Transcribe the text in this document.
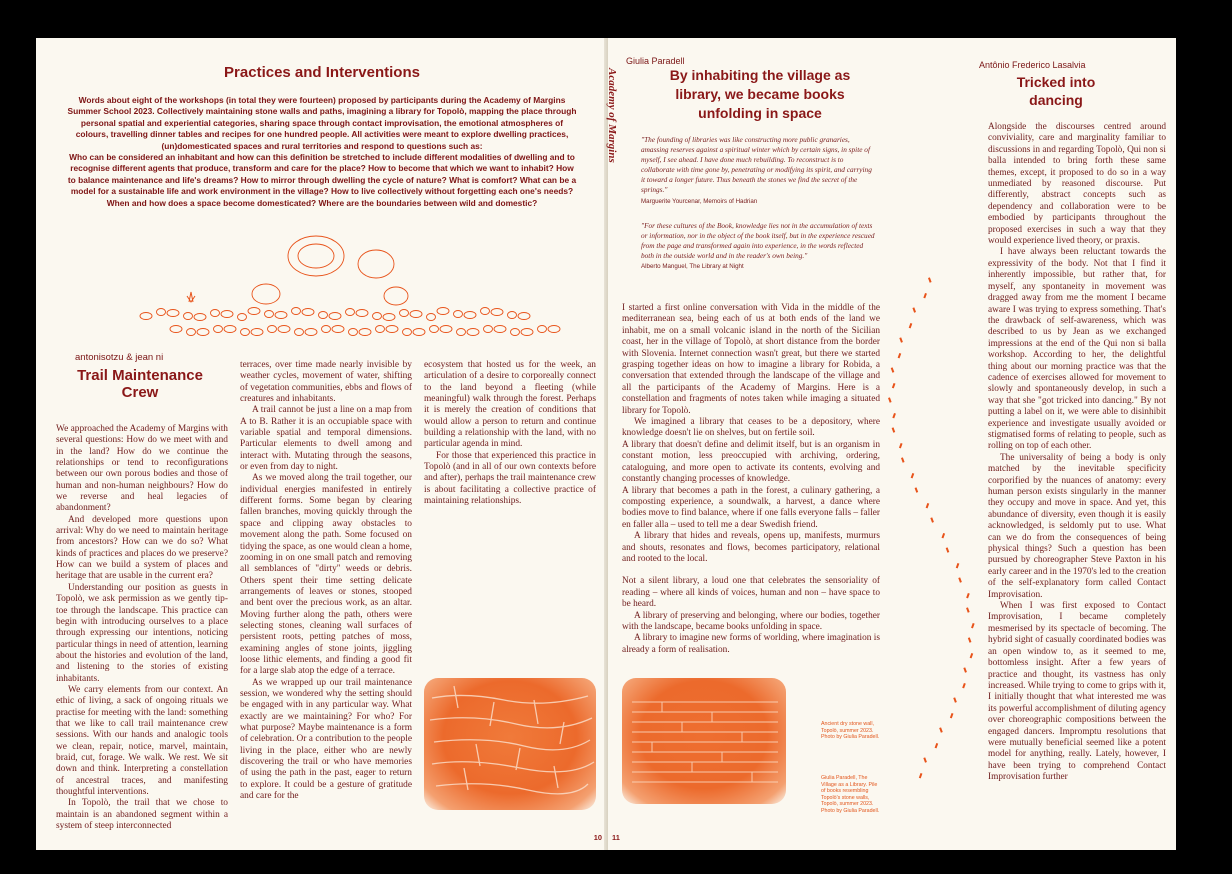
Practices and Interventions

Words about eight of the workshops (in total they were fourteen) proposed by participants during the Academy of Margins Summer School 2023. Collectively maintaining stone walls and paths, imagining a library for Topolò, mapping the place through personal spatial and experiential categories, sharing space through contact improvisation, the emotional atmospheres of colours, travelling dinner tables and recipes for one hundred people. All activities were meant to explore dwelling practices, (un)domesticated spaces and rural territories and respond to questions such as:

Who can be considered an inhabitant and how can this definition be stretched to include different modalities of dwelling and to recognise different agents that produce, transform and care for the place? How to become that which we want to inhabit? How to balance maintenance and life's dreams? How to mirror through dwelling the cycle of nature? What is comfort? What can be a model for a sustainable life and work environment in the village? How to live collectively without forgetting each one's needs? When and how does a space become domesticated? Where are the boundaries between wild and domestic?

antonisotzu & jean ni
Trail Maintenance Crew

We approached the Academy of Margins with several questions: How do we meet with and in the land? How do we continue the relationships or tend to reconfigurations between our own porous bodies and those of human and non-human neighbours? How do we reverse and heal legacies of abandonment?

And developed more questions upon arrival: Why do we need to maintain heritage from ancestors? How can we do so? What kinds of practices and places do we preserve? How can we build a system of places and heritage that are usable in the current era?

Understanding our position as guests in Topolò, we ask permission as we gently tip-toe through the landscape. This practice can begin with introducing ourselves to a place through expressing our intentions, noticing particular things in need of attention, learning about the histories and evolution of the land, and listening to the stories of existing inhabitants.

We carry elements from our context. An ethic of living, a sack of ongoing rituals we practise for meeting with the land: something that we like to call trail maintenance crew sessions. With our hands and analogic tools we clean, repair, notice, marvel, maintain, braid, cut, forage. We walk. We rest. We sit down and think. Interpreting a constellation of ancestral traces, and manifesting thoughtful interventions.

In Topolò, the trail that we chose to maintain is an abandoned segment within a system of steep interconnected

terraces, over time made nearly invisible by weather cycles, movement of water, shifting of vegetation communities, ebbs and flows of creatures and inhabitants.

A trail cannot be just a line on a map from A to B. Rather it is an occupiable space with variable spatial and temporal dimensions. Particular elements to dwell among and interact with. Mutating through the seasons, or even from day to night.

As we moved along the trail together, our individual energies manifested in entirely different forms. Some began by clearing fallen branches, moving quickly through the space and clipping away obstacles to movement along the path. Some focused on tidying the space, as one would clean a home, zooming in on one small patch and removing all semblances of "dirty" weeds or debris. Others spent their time setting delicate arrangements of leaves or stones, stooped and bent over the precious work, as an altar. Moving further along the path, others were selecting stones, cleaning wall surfaces of persistent roots, petting patches of moss, examining angles of stone joints, jiggling loose lithic elements, and finding a good fit for a large slab atop the edge of a terrace.

As we wrapped up our trail maintenance session, we wondered why the setting should be engaged with in any particular way. What exactly are we maintaining? For who? For what purpose? Maybe maintenance is a form of celebration. Or a contribution to the people living in the place, either who are newly discovering the trail or who have memories of using the path in the past, eager to return to explore. It could be a gesture of gratitude and care for the

ecosystem that hosted us for the week, an articulation of a desire to corporeally connect to the land beyond a fleeting (while meaningful) walk through the forest. Perhaps it is merely the creation of conditions that would allow a person to return and continue building a relationship with the land, with no particular agenda in mind.

For those that experienced this practice in Topolò (and in all of our own contexts before and after), perhaps the trail maintenance crew is about facilitating a collective practice of maintaining relationships.

10
Academy of Margins
Giulia Paradell
By inhabiting the village as library, we became books unfolding in space
"The founding of libraries was like constructing more public granaries, amassing reserves against a spiritual winter which by certain signs, in spite of myself, I see ahead. I have done much rebuilding. To reconstruct is to collaborate with time gone by, penetrating or modifying its spirit, and carrying it toward a longer future. Thus beneath the stones we find the secret of the springs."
Marguerite Yourcenar, Memoirs of Hadrian
"For these cultures of the Book, knowledge lies not in the accumulation of texts or information, nor in the object of the book itself, but in the experience rescued from the page and transformed again into experience, in the words reflected both in the outside world and in the reader's own being."
Alberto Manguel, The Library at Night

I started a first online conversation with Vida in the middle of the mediterranean sea, being each of us at both ends of the land we inhabit, me on a small volcanic island in the north of the Sicilian coast, her in the village of Topolò, at short distance from the border with Slovenia. Internet connection wasn't great, but there we started grasping together ideas on how to imagine a library for Robida, a conversation that extended through the landscape of the village and all the participants of the Academy of Margins. Here is a constellation and fragments of notes taken while imaging a situated library for Topolò.

We imagined a library that ceases to be a depository, where knowledge doesn't lie on shelves, but on fertile soil.

A library that doesn't define and delimit itself, but is an organism in constant motion, less preoccupied with archiving, ordering, cataloguing, and more open to activate its contents, evolving and constantly changing processes of knowledge.

A library that becomes a path in the forest, a culinary gathering, a composting experience, a soundwalk, a harvest, a dance where bodies move to find balance, where if one falls everyone falls – faller en faller alla – used to tell me a dear Swedish friend.

A library that hides and reveals, opens up, manifests, murmurs and shouts, resonates and flows, becomes participatory, relational and rooted to the local.

Not a silent library, a loud one that celebrates the sensoriality of reading – where all kinds of voices, human and non – have space to be heard.

A library of preserving and belonging, where our bodies, together with the landscape, became books unfolding in space.

A library to imagine new forms of worlding, where imagination is already a form of realisation.

Ancient dry stone wall, Topolò, summer 2023. Photo by Giulia Paradell.
Giulia Paradell, The Village as a Library. Pile of books resembling Topolò's stone walls, Topolò, summer 2023. Photo by Giulia Paradell.
Antônio Frederico Lasalvia
Tricked into dancing

Alongside the discourses centred around conviviality, care and marginality familiar to discussions in and regarding Topolò, Qui non si balla intended to bring forth these same themes, except, it proposed to do so in a way unmediated by reasoned discourse. Put differently, abstract concepts such as dependency and collaboration were to be embodied by participants throughout the proposed exercises in such a way that they would experience lived theory, or praxis.

I have always been reluctant towards the expressivity of the body. Not that I find it inherently impossible, but rather that, for myself, any spontaneity in movement was dragged away from me the moment I became aware I was trying to express something. That's the drawback of self-awareness, which was described to us by Jean as we exchanged impressions at the end of the Qui non si balla workshop. According to her, the delightful thing about our morning practice was that the cadence of exercises allowed for movement to slowly and spontaneously develop, in such a way that she "got tricked into dancing." By not putting a label on it, we were able to disinhibit experience and investigate usually avoided or stigmatised forms of relating to people, such as rolling on top of each other.

The universality of being a body is only matched by the inevitable specificity corporified by the nuances of anatomy: every human person exists singularly in the manner they occupy and move in space. And yet, this abundance of diversity, even though it is easily acknowledged, is seldomly put to use. What can we do from the consequences of being physical things? Such a question has been pursued by choreographer Steve Paxton in his early career and in the 1970's led to the creation of the self-explanatory form called Contact Improvisation.

When I was first exposed to Contact Improvisation, I became completely mesmerised by its spectacle of becoming. The hybrid sight of casually coordinated bodies was an open window to, as it seemed to me, bottomless insight. After a few years of practice and thought, its vastness has only increased. While trying to come to grips with it, I initially thought that what interested me was its powerful accomplishment of diluting agency over choreographic compositions between the engaged dancers. Impromptu resolutions that were mutually beneficial seemed like a potent model for anything, really. Lately, however, I have been trying to comprehend Contact Improvisation further

11
